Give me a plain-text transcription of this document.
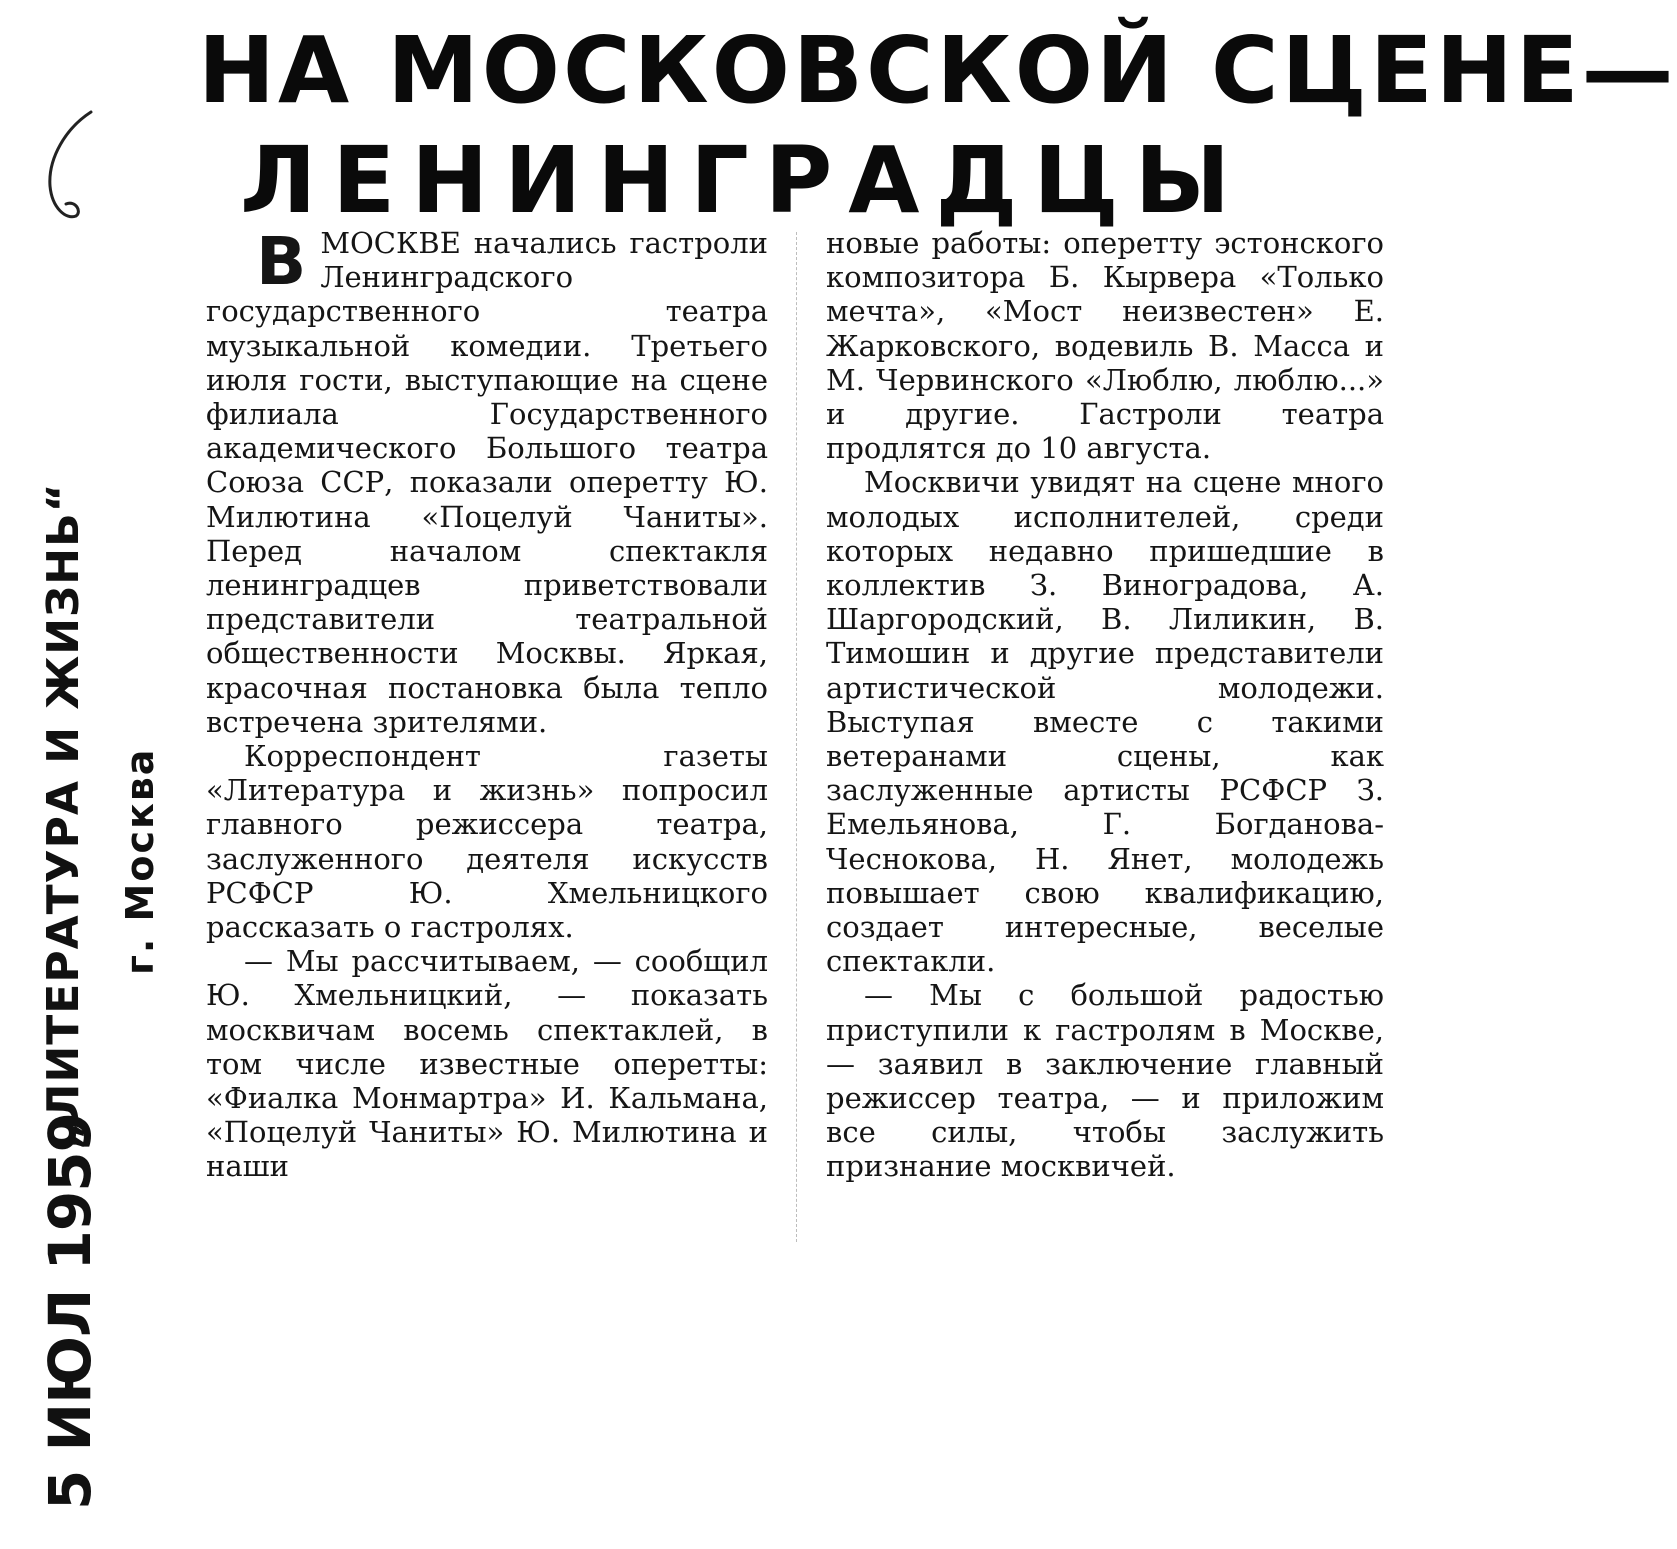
НА МОСКОВСКОЙ СЦЕНЕ—
ЛЕНИНГРАДЦЫ
5 ИЮЛ 1959
„ЛИТЕРАТУРА И ЖИЗНЬ“ г. Москва

ВМОСКВЕ начались гастроли Ленинградского государственного театра музыкальной комедии. Третьего июля гости, выступающие на сцене филиала Государственного академического Большого театра Союза ССР, показали оперетту Ю. Милютина «Поцелуй Чаниты». Перед началом спектакля ленинградцев приветствовали представители театральной общественности Москвы. Яркая, красочная постановка была тепло встречена зрителями.

Корреспондент газеты «Литература и жизнь» попросил главного режиссера театра, заслуженного деятеля искусств РСФСР Ю. Хмельницкого рассказать о гастролях.

— Мы рассчитываем, — сообщил Ю. Хмельницкий, — показать москвичам восемь спектаклей, в том числе известные оперетты: «Фиалка Монмартра» И. Кальмана, «Поцелуй Чаниты» Ю. Милютина и наши

новые работы: оперетту эстонского композитора Б. Кырвера «Только мечта», «Мост неизвестен» Е. Жарковского, водевиль В. Масса и М. Червинского «Люблю, люблю...» и другие. Гастроли театра продлятся до 10 августа.

Москвичи увидят на сцене много молодых исполнителей, среди которых недавно пришедшие в коллектив З. Виноградова, А. Шаргородский, В. Лиликин, В. Тимошин и другие представители артистической молодежи. Выступая вместе с такими ветеранами сцены, как заслуженные артисты РСФСР З. Емельянова, Г. Богданова-Чеснокова, Н. Янет, молодежь повышает свою квалификацию, создает интересные, веселые спектакли.

— Мы с большой радостью приступили к гастролям в Москве, — заявил в заключение главный режиссер театра, — и приложим все силы, чтобы заслужить признание москвичей.
